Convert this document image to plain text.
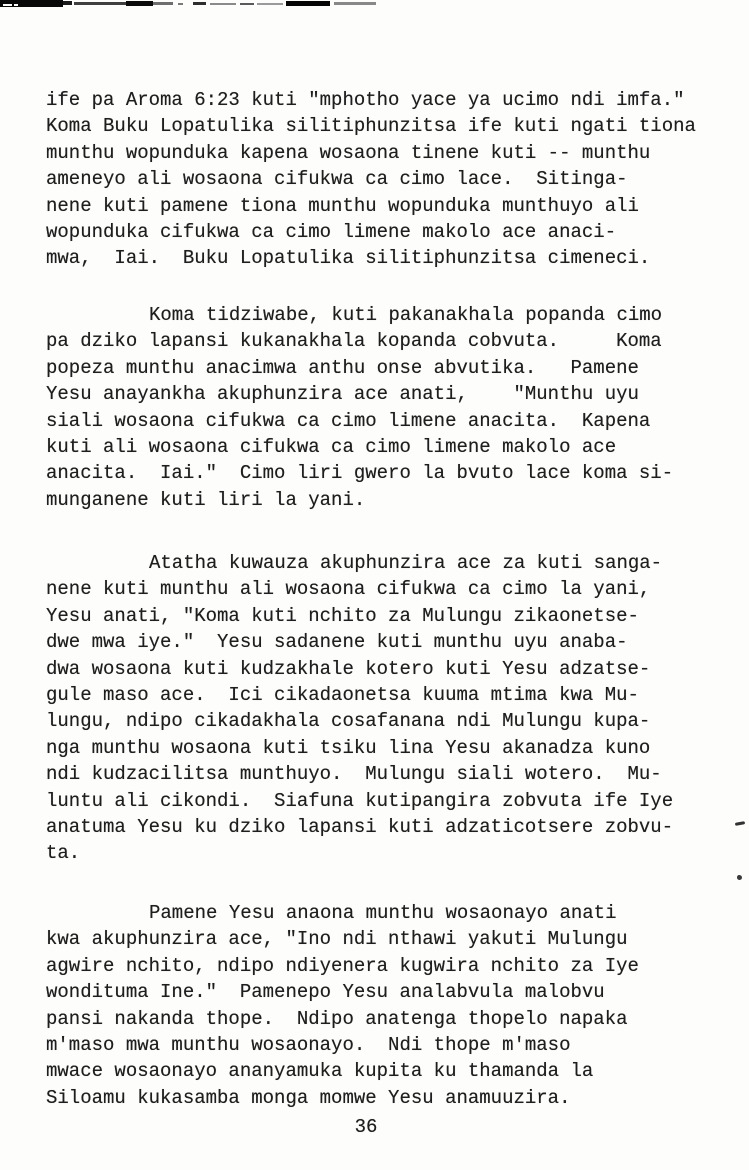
ife pa Aroma 6:23 kuti "mphotho yace ya ucimo ndi imfa."
Koma Buku Lopatulika silitiphunzitsa ife kuti ngati tiona
munthu wopunduka kapena wosaona tinene kuti -- munthu
ameneyo ali wosaona cifukwa ca cimo lace.  Sitinga-
nene kuti pamene tiona munthu wopunduka munthuyo ali
wopunduka cifukwa ca cimo limene makolo ace anaci-
mwa,  Iai.  Buku Lopatulika silitiphunzitsa cimeneci.
Koma tidziwabe, kuti pakanakhala popanda cimo
pa dziko lapansi kukanakhala kopanda cobvuta.     Koma
popeza munthu anacimwa anthu onse abvutika.   Pamene
Yesu anayankha akuphunzira ace anati,    "Munthu uyu
siali wosaona cifukwa ca cimo limene anacita.  Kapena
kuti ali wosaona cifukwa ca cimo limene makolo ace
anacita.  Iai."  Cimo liri gwero la bvuto lace koma si-
munganene kuti liri la yani.
Atatha kuwauza akuphunzira ace za kuti sanga-
nene kuti munthu ali wosaona cifukwa ca cimo la yani,
Yesu anati, "Koma kuti nchito za Mulungu zikaonetse-
dwe mwa iye."  Yesu sadanene kuti munthu uyu anaba-
dwa wosaona kuti kudzakhale kotero kuti Yesu adzatse-
gule maso ace.  Ici cikadaonetsa kuuma mtima kwa Mu-
lungu, ndipo cikadakhala cosafanana ndi Mulungu kupa-
nga munthu wosaona kuti tsiku lina Yesu akanadza kuno
ndi kudzacilitsa munthuyo.  Mulungu siali wotero.  Mu-
luntu ali cikondi.  Siafuna kutipangira zobvuta ife Iye
anatuma Yesu ku dziko lapansi kuti adzaticotsere zobvu-
ta.
Pamene Yesu anaona munthu wosaonayo anati
kwa akuphunzira ace, "Ino ndi nthawi yakuti Mulungu
agwire nchito, ndipo ndiyenera kugwira nchito za Iye
wondituma Ine."  Pamenepo Yesu analabvula malobvu
pansi nakanda thope.  Ndipo anatenga thopelo napaka
m'maso mwa munthu wosaonayo.  Ndi thope m'maso
mwace wosaonayo ananyamuka kupita ku thamanda la
Siloamu kukasamba monga momwe Yesu anamuuzira.
36
